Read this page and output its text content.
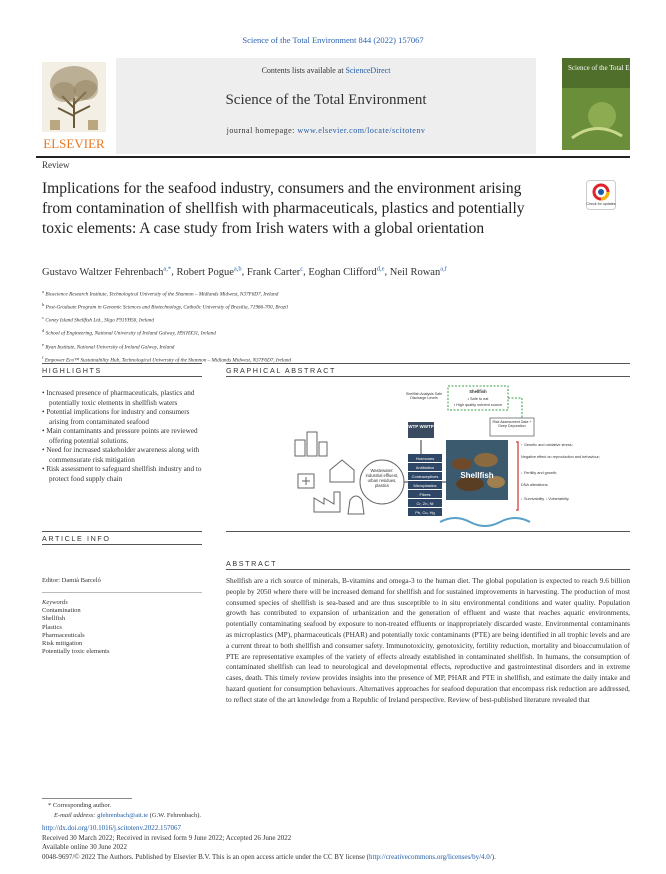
Science of the Total Environment 844 (2022) 157067
ELSEVIER
Contents lists available at ScienceDirect
Science of the Total Environment
journal homepage: www.elsevier.com/locate/scitotenv
Science of the Total Environment
Review
Implications for the seafood industry, consumers and the environment arising from contamination of shellfish with pharmaceuticals, plastics and potentially toxic elements: A case study from Irish waters with a global orientation
Check for updates
Gustavo Waltzer Fehrenbach$^{a,*}$, Robert Pogue$^{a,b}$, Frank Carter$^c$, Eoghan Clifford$^{d,e}$, Neil Rowan$^{a,f}$
$^a$ Bioscience Research Institute, Technological University of the Shannon – Midlands Midwest, N37F6D7, Ireland
$^b$ Post-Graduate Program in Genomic Sciences and Biotechnology, Catholic University of Brasilia, 71966-700, Brazil
$^c$ Coney Island Shellfish Ltd., Sligo F91YH56, Ireland
$^d$ School of Engineering, National University of Ireland Galway, H91HX31, Ireland
$^e$ Ryan Institute, National University of Ireland Galway, Ireland
$^f$ Empower Eco™ Sustainability Hub, Technological University of the Shannon – Midlands Midwest, N37F6D7, Ireland
HIGHLIGHTS	GRAPHICAL ABSTRACT
• Increased presence of pharmaceuticals, plastics and potentially toxic elements in shellfish waters
• Potential implications for industry and consumers arising from contaminated seafood
• Main contaminants and pressure points are reviewed offering potential solutions.
• Need for increased stakeholder awareness along with commensurate risk mitigation
• Risk assessment to safeguard shellfish industry and to protect food supply chain
Wastewater: industrial effluent, urban residues, plastics
WTP WWTP
Shellfish Analysis Safe Discharge Levels
Hormones
Antibiotics
Contraceptives
Microplastics
Fibres
Cr, Zn, Ni
Pb, Cu, Hg
Shellfish
• Safe to eat
• High quality nutrient source
Risk Assessment Data + Deep Depuration
Shellfish
↑ Genetic and oxidative stress;
Negative effect on reproduction and behaviour;
↓ Fertility and growth;
DNA alterations;
↓ Survivability ↓ Vulnerability
ARTICLE INFO
ABSTRACT
Editor: Damià Barceló
Keywords
Contamination
Shellfish
Plastics
Pharmaceuticals
Risk mitigation
Potentially toxic elements
Shellfish are a rich source of minerals, B-vitamins and omega-3 to the human diet. The global population is expected to reach 9.6 billion people by 2050 where there will be increased demand for shellfish and for sustained improvements in harvesting. The production of most consumed species of shellfish is sea-based and are thus susceptible to in situ environmental conditions and water quality. Population growth has contributed to expansion of urbanization and the generation of effluent and waste that reaches aquatic environments, potentially contaminating seafood by exposure to non-treated effluents or inappropriately discarded waste. Environmental contaminants as microplastics (MP), pharmaceuticals (PHAR) and potentially toxic contaminants (PTE) are being identified in all trophic levels and are a current threat to both shellfish and consumer safety. Immunotoxicity, genotoxicity, fertility reduction, mortality and bioaccumulation of PTE are representative examples of the variety of effects already established in contaminated shellfish. In humans, the consumption of contaminated shellfish can lead to neurological and developmental effects, reproductive and gastrointestinal disorders and in extreme cases, death. This timely review provides insights into the presence of MP, PHAR and PTE in shellfish, and estimate the daily intake and hazard quotient for consumption behaviours. Alternatives approaches for seafood depuration that encompass risk reduction are addressed, to reflect state of the art knowledge from a Republic of Ireland perspective. Review of best-published literature revealed that
* Corresponding author.
E-mail address: gfehrenbach@ait.ie (G.W. Fehrenbach).
http://dx.doi.org/10.1016/j.scitotenv.2022.157067
Received 30 March 2022; Received in revised form 9 June 2022; Accepted 26 June 2022
Available online 30 June 2022
0048-9697/© 2022 The Authors. Published by Elsevier B.V. This is an open access article under the CC BY license (http://creativecommons.org/licenses/by/4.0/).
